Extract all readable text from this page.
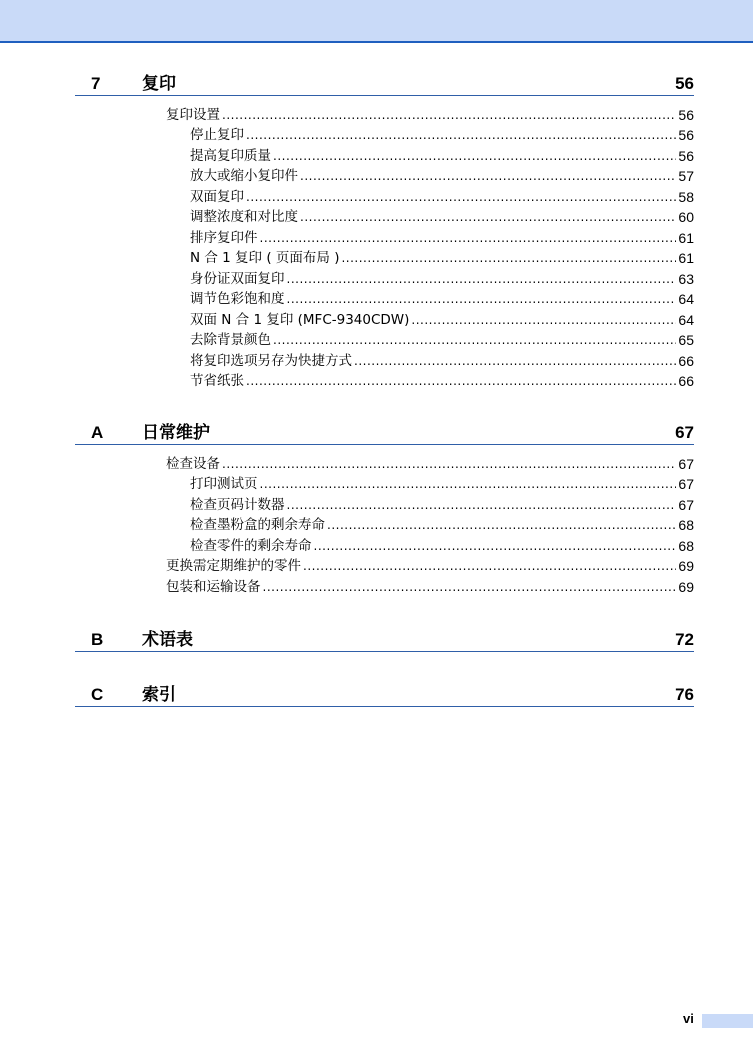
7	复印	56
复印设置 .....	56
停止复印 .....	56
提高复印质量 .....	56
放大或缩小复印件 .....	57
双面复印 .....	58
调整浓度和对比度 .....	60
排序复印件 .....	61
N 合 1 复印 ( 页面布局 ) .....	61
身份证双面复印 .....	63
调节色彩饱和度 .....	64
双面 N 合 1 复印 (MFC-9340CDW) .....	64
去除背景颜色 .....	65
将复印选项另存为快捷方式 .....	66
节省纸张 .....	66
A	日常维护	67
检查设备 .....	67
打印测试页 .....	67
检查页码计数器 .....	67
检查墨粉盒的剩余寿命 .....	68
检查零件的剩余寿命 .....	68
更换需定期维护的零件 .....	69
包装和运输设备 .....	69
B	术语表	72
C	索引	76
vi
